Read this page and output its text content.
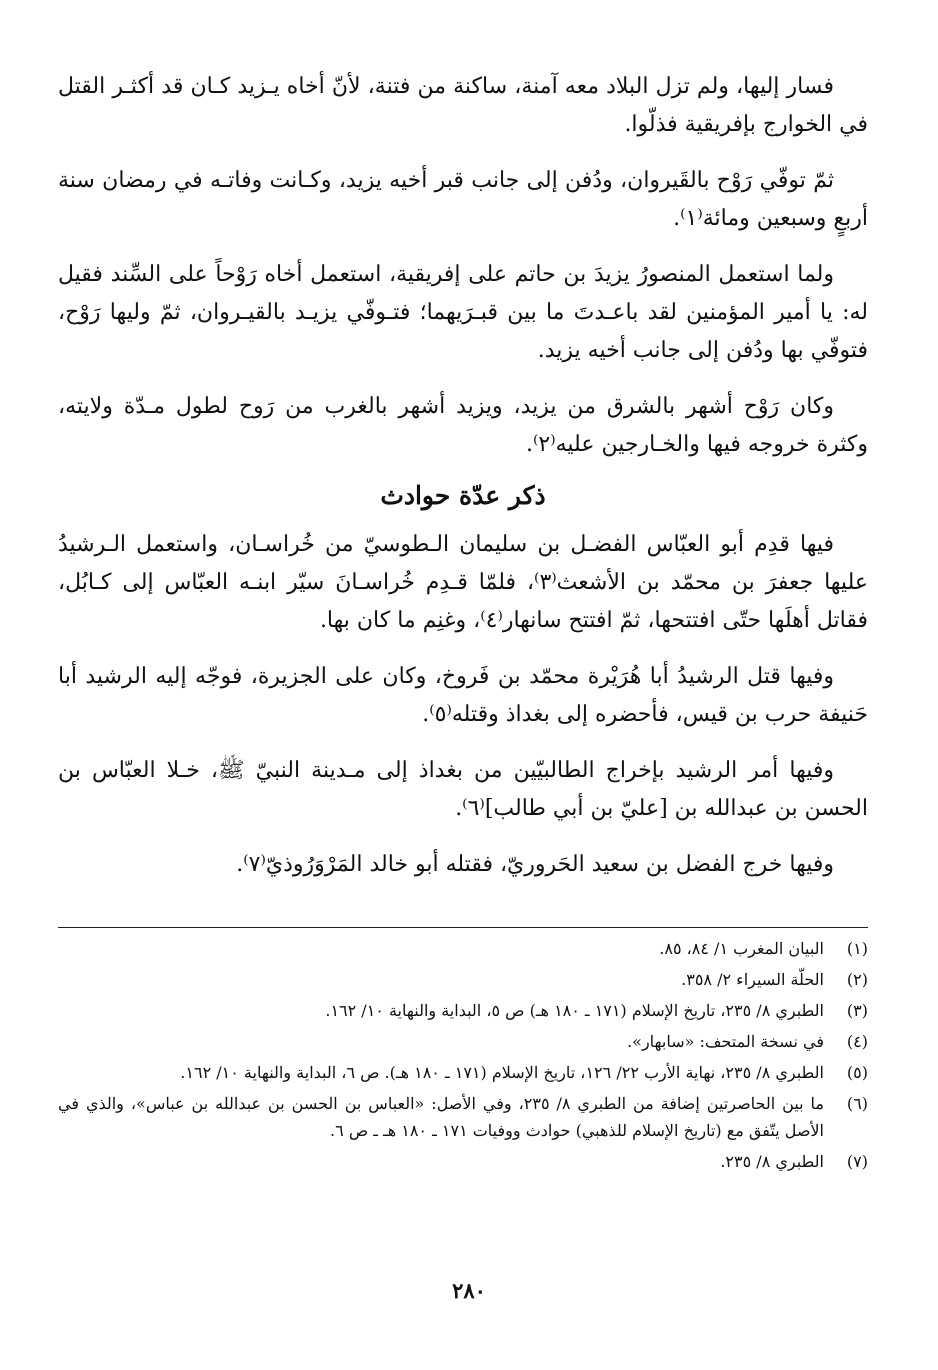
فسار إليها، ولم تزل البلاد معه آمنة، ساكنة من فتنة، لأنّ أخاه يـزيد كـان قد أكثـر القتل في الخوارج بإفريقية فذلّوا.

ثمّ توفّي رَوْح بالقَيروان، ودُفن إلى جانب قبر أخيه يزيد، وكـانت وفاتـه في رمضان سنة أربعٍ وسبعين ومائة⁽١⁾.

ولما استعمل المنصورُ يزيدَ بن حاتم على إفريقية، استعمل أخاه رَوْحاً على السِّند فقيل له: يا أمير المؤمنين لقد باعـدتَ ما بين قبـرَيهما؛ فتـوفّي يزيـد بالقيـروان، ثمّ وليها رَوْح، فتوفّي بها ودُفن إلى جانب أخيه يزيد.

وكان رَوْح أشهر بالشرق من يزيد، ويزيد أشهر بالغرب من رَوح لطول مـدّة ولايته، وكثرة خروجه فيها والخـارجين عليه⁽٢⁾.

ذكر عدّة حوادث

فيها قدِم أبو العبّاس الفضـل بن سليمان الـطوسيّ من خُراسـان، واستعمل الـرشيدُ عليها جعفرَ بن محمّد بن الأشعث⁽٣⁾، فلمّا قـدِم خُراسـانَ سيّر ابنـه العبّاس إلى كـابُل، فقاتل أهلَها حتّى افتتحها، ثمّ افتتح سانهار⁽٤⁾، وغنِم ما كان بها.

وفيها قتل الرشيدُ أبا هُرَيْرة محمّد بن فَروخ، وكان على الجزيرة، فوجّه إليه الرشيد أبا حَنيفة حرب بن قيس، فأحضره إلى بغداذ وقتله⁽٥⁾.

وفيها أمر الرشيد بإخراج الطالبيّين من بغداذ إلى مـدينة النبيّ ﷺ، خـلا العبّاس بن الحسن بن عبدالله بن [عليّ بن أبي طالب]⁽٦⁾.

وفيها خرج الفضل بن سعيد الحَروريّ، فقتله أبو خالد المَرْوَرُوذيّ⁽٧⁾.

(١)
البيان المغرب ١/ ٨٤، ٨٥.
(٢)
الحلّة السيراء ٢/ ٣٥٨.
(٣)
الطبري ٨/ ٢٣٥، تاريخ الإسلام (١٧١ ـ ١٨٠ هـ) ص ٥، البداية والنهاية ١٠/ ١٦٢.
(٤)
في نسخة المتحف: «سابهار».
(٥)
الطبري ٨/ ٢٣٥، نهاية الأرب ٢٢/ ١٢٦، تاريخ الإسلام (١٧١ ـ ١٨٠ هـ). ص ٦، البداية والنهاية ١٠/ ١٦٢.
(٦)
ما بين الحاصرتين إضافة من الطبري ٨/ ٢٣٥، وفي الأصل: «العباس بن الحسن بن عبدالله بن عباس»، والذي في الأصل يتّفق مع (تاريخ الإسلام للذهبي) حوادث ووفيات ١٧١ ـ ١٨٠ هـ ـ ص ٦.
(٧)
الطبري ٨/ ٢٣٥.
٢٨٠
